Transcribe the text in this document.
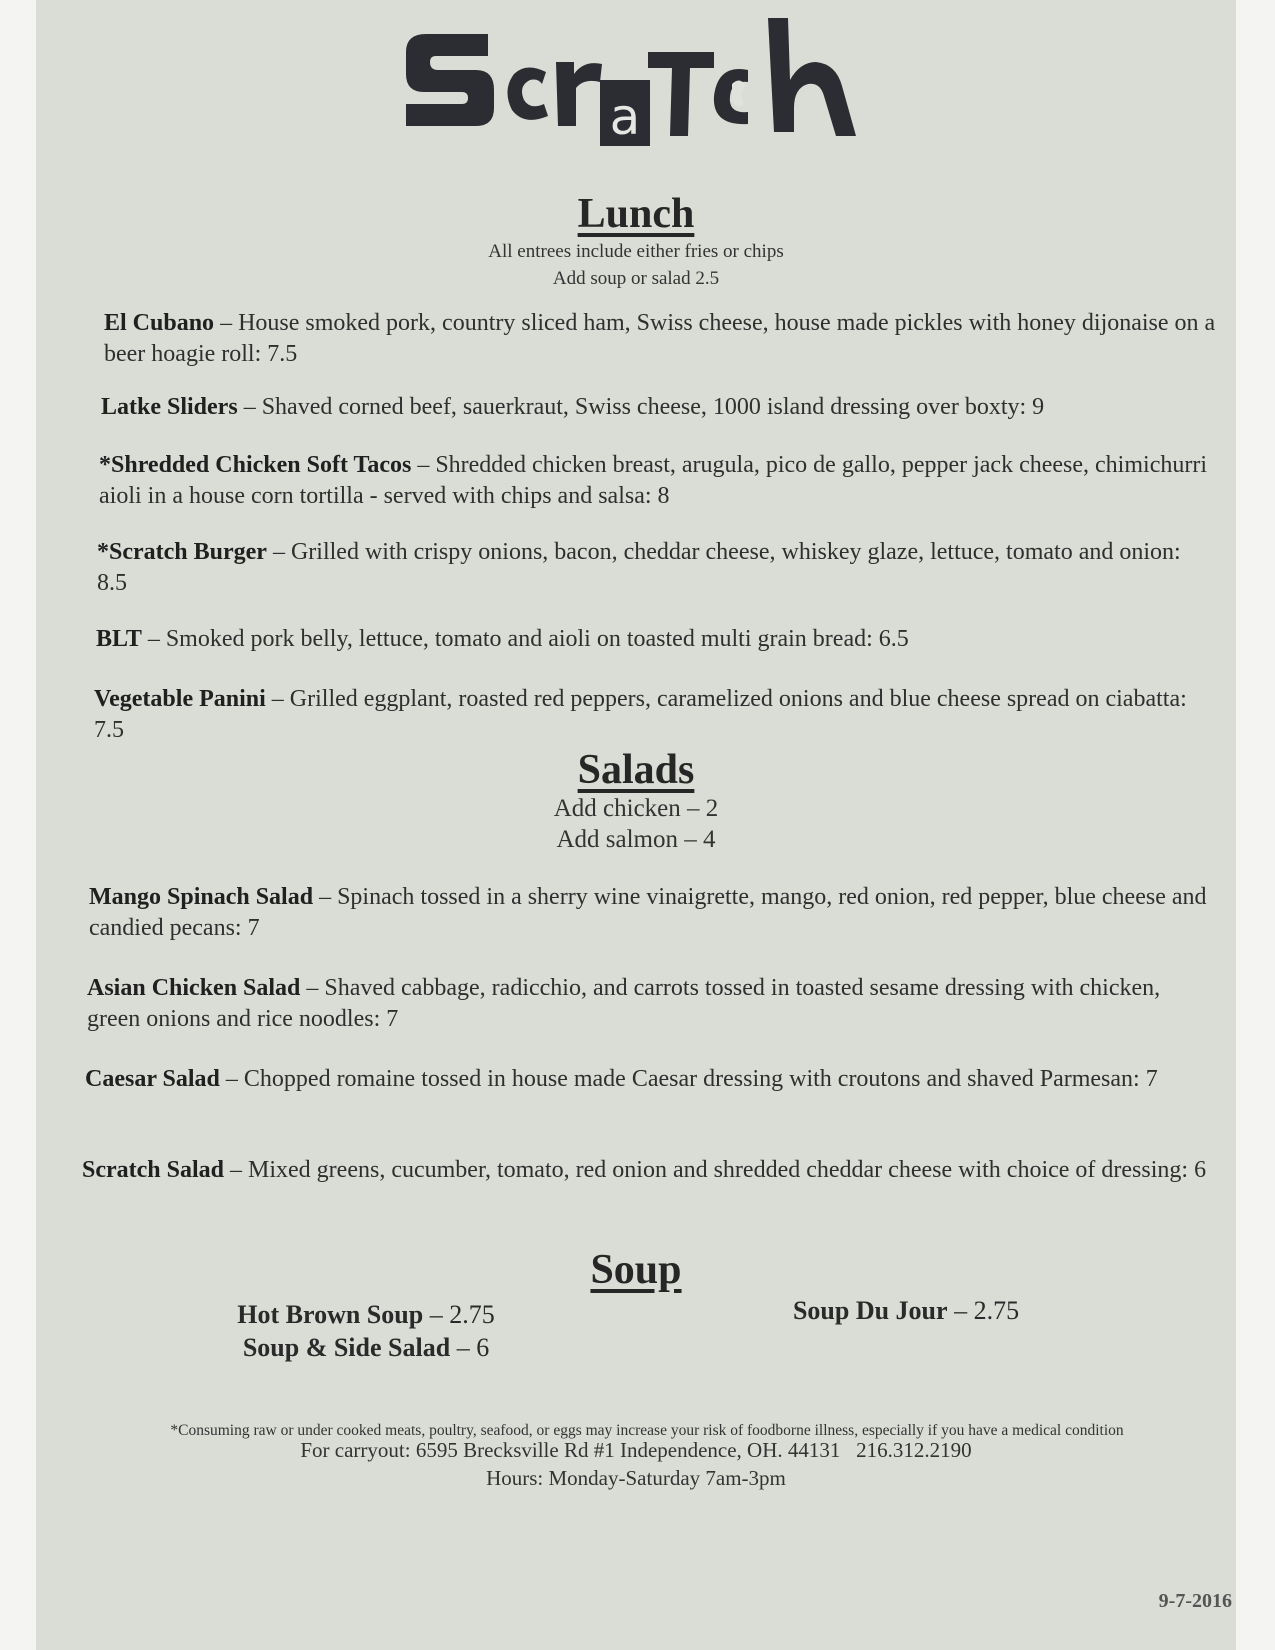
a
Lunch
All entrees include either fries or chips
Add soup or salad 2.5
El Cubano – House smoked pork, country sliced ham, Swiss cheese, house made pickles with honey dijonaise on a beer hoagie roll: 7.5
Latke Sliders – Shaved corned beef, sauerkraut, Swiss cheese, 1000 island dressing over boxty: 9
*Shredded Chicken Soft Tacos – Shredded chicken breast, arugula, pico de gallo, pepper jack cheese, chimichurri aioli in a house corn tortilla - served with chips and salsa: 8
*Scratch Burger – Grilled with crispy onions, bacon, cheddar cheese, whiskey glaze, lettuce, tomato and onion: 8.5
BLT – Smoked pork belly, lettuce, tomato and aioli on toasted multi grain bread: 6.5
Vegetable Panini – Grilled eggplant, roasted red peppers, caramelized onions and blue cheese spread on ciabatta: 7.5
Salads
Add chicken – 2
Add salmon – 4
Mango Spinach Salad – Spinach tossed in a sherry wine vinaigrette, mango, red onion, red pepper, blue cheese and candied pecans: 7
Asian Chicken Salad – Shaved cabbage, radicchio, and carrots tossed in toasted sesame dressing with chicken, green onions and rice noodles: 7
Caesar Salad – Chopped romaine tossed in house made Caesar dressing with croutons and shaved Parmesan: 7
Scratch Salad – Mixed greens, cucumber, tomato, red onion and shredded cheddar cheese with choice of dressing: 6
Soup
Hot Brown Soup – 2.75
Soup & Side Salad – 6
Soup Du Jour – 2.75
*Consuming raw or under cooked meats, poultry, seafood, or eggs may increase your risk of foodborne illness, especially if you have a medical condition
For carryout: 6595 Brecksville Rd #1 Independence, OH. 44131   216.312.2190
Hours: Monday-Saturday 7am-3pm
9-7-2016
